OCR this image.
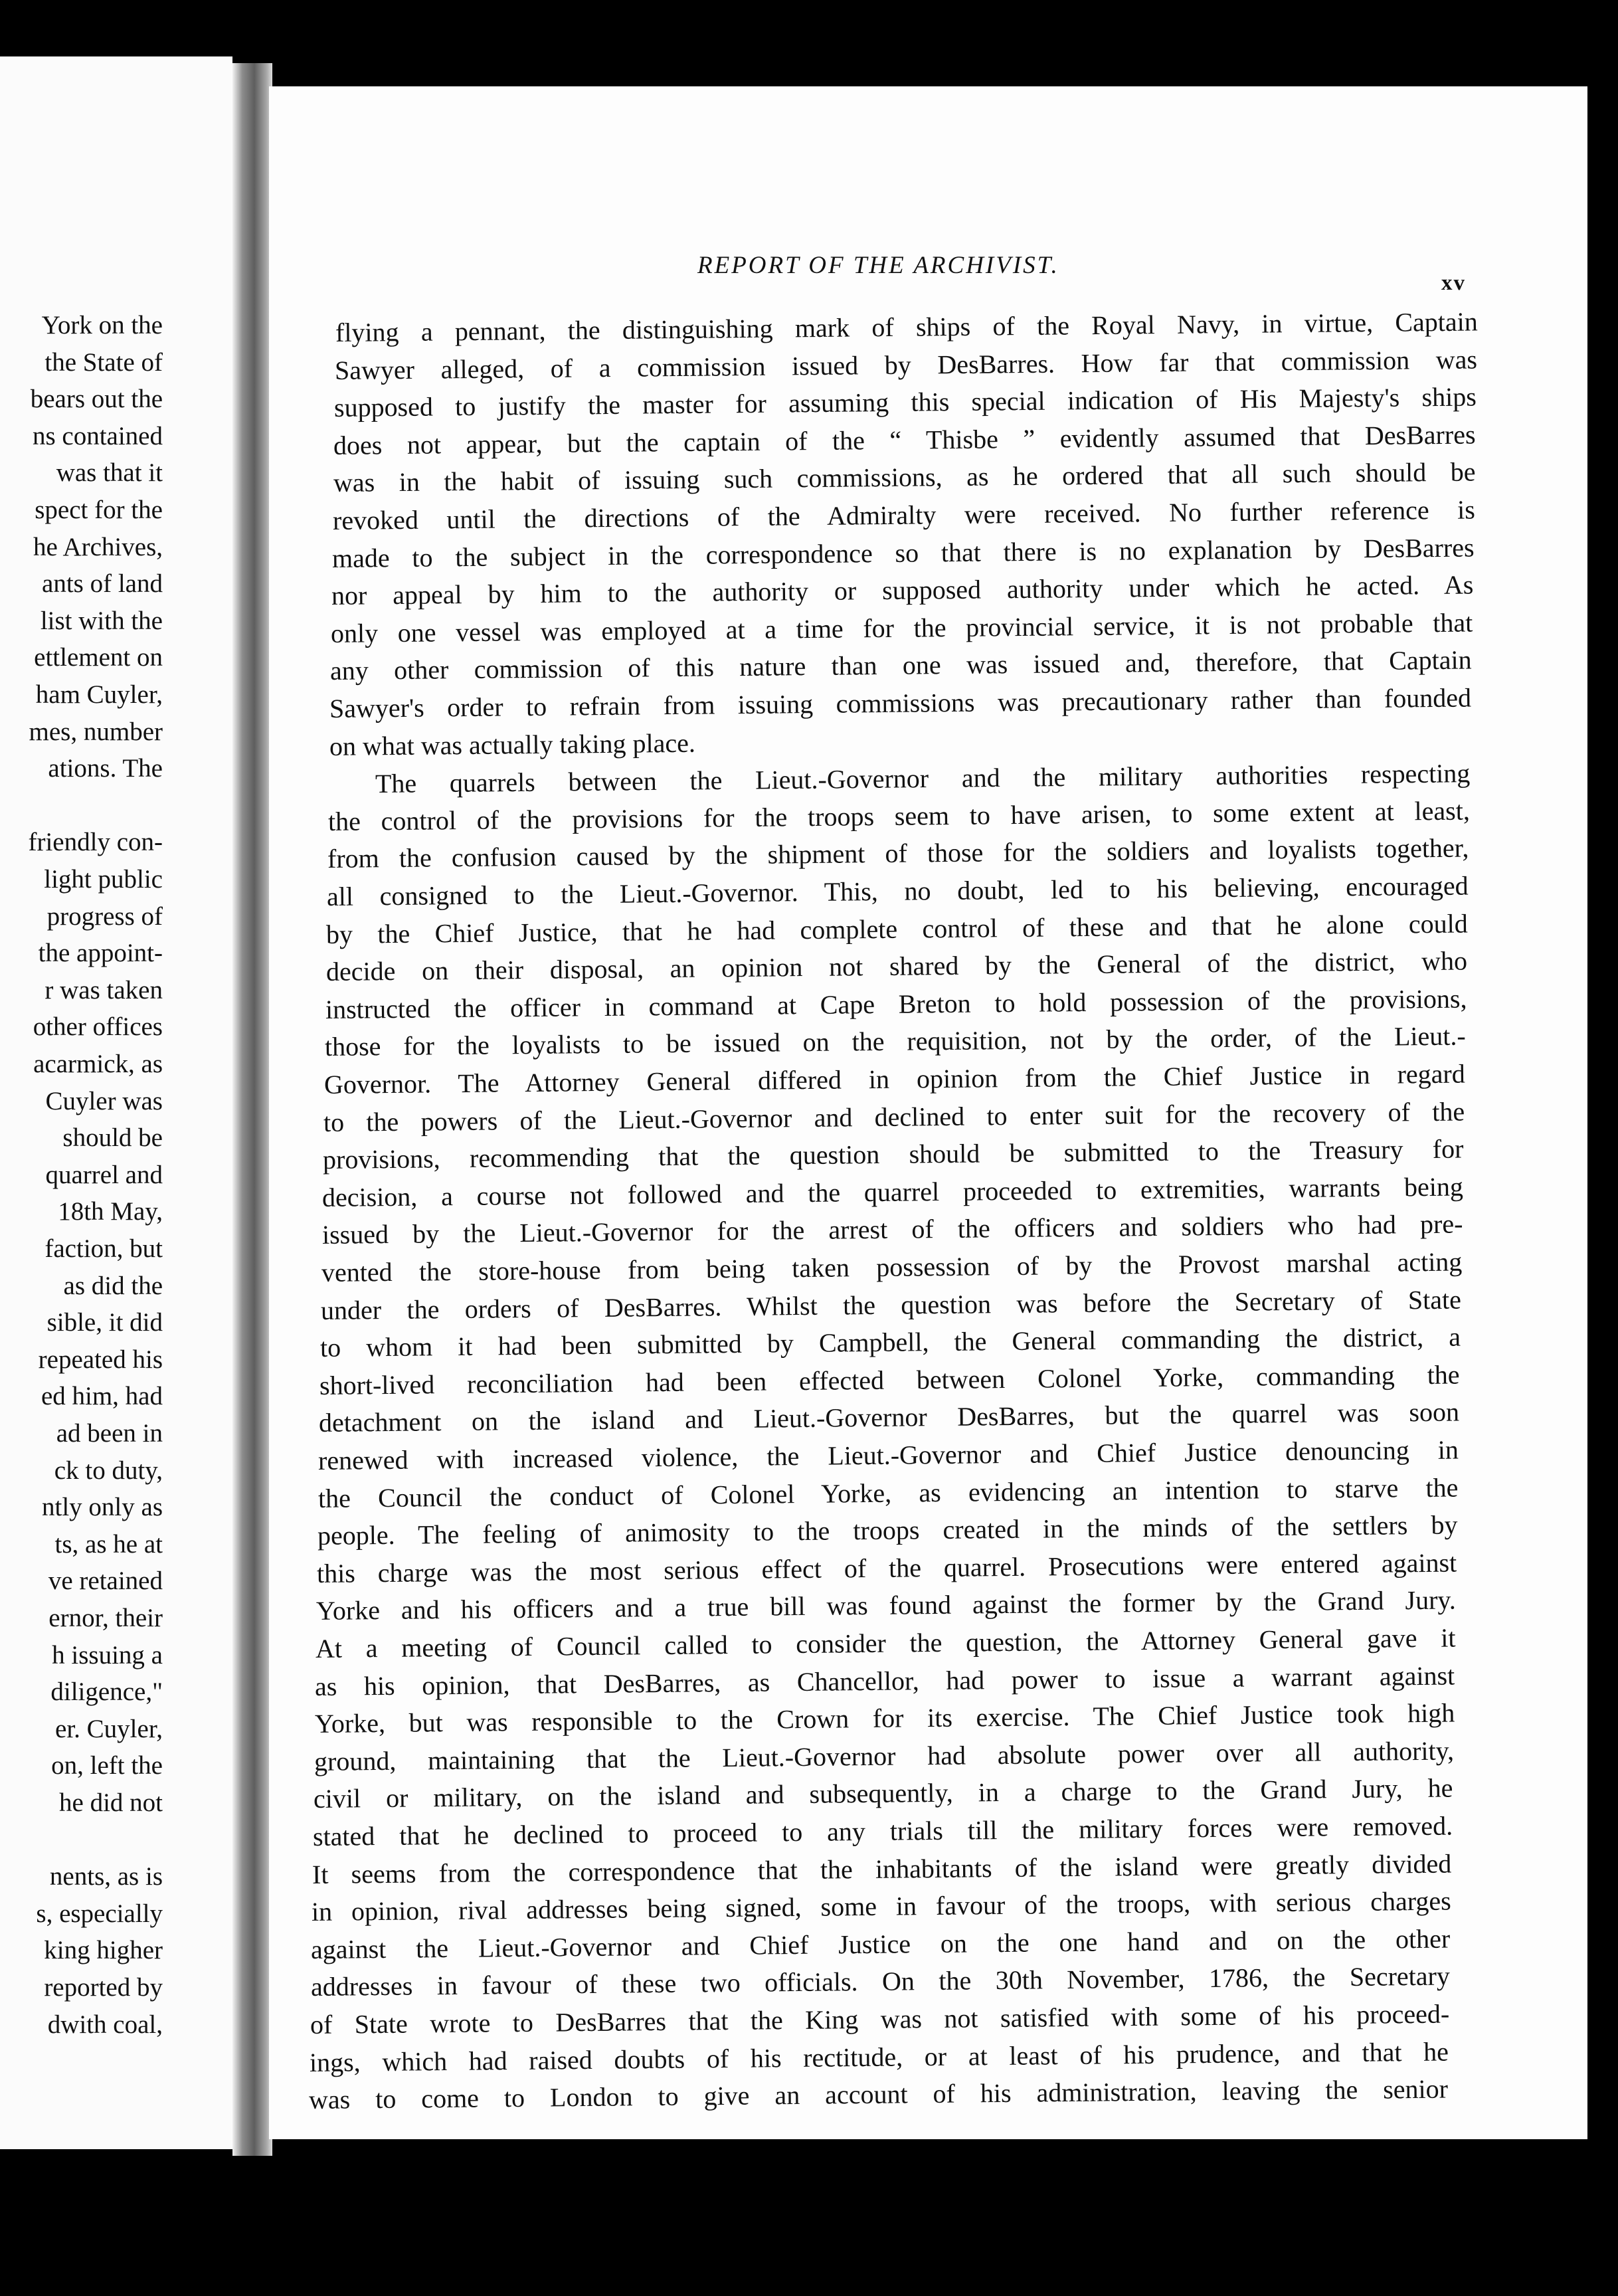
York on the
the State of
bears out the
ns contained
was that it
spect for the
he Archives,
ants of land
list with the
ettlement on
ham Cuyler,
mes, number
ations. The
friendly con-
light public
progress of
the appoint-
r was taken
other offices
acarmick, as
Cuyler was
should be
quarrel and
18th May,
faction, but
as did the
sible, it did
repeated his
ed him, had
ad been in
ck to duty,
ntly only as
ts, as he at
ve retained
ernor, their
h issuing a
diligence,"
er. Cuyler,
on, left the
he did not
nents, as is
s, especially
king higher
reported by
dwith coal,
REPORT OF THE ARCHIVIST.
xv
flying a pennant, the distinguishing mark of ships of the Royal Navy, in virtue, Captain
Sawyer alleged, of a commission issued by DesBarres. How far that commission was
supposed to justify the master for assuming this special indication of His Majesty's ships
does not appear, but the captain of the “ Thisbe ” evidently assumed that DesBarres
was in the habit of issuing such commissions, as he ordered that all such should be
revoked until the directions of the Admiralty were received. No further reference is
made to the subject in the correspondence so that there is no explanation by DesBarres
nor appeal by him to the authority or supposed authority under which he acted. As
only one vessel was employed at a time for the provincial service, it is not probable that
any other commission of this nature than one was issued and, therefore, that Captain
Sawyer's order to refrain from issuing commissions was precautionary rather than founded
on what was actually taking place.
The quarrels between the Lieut.-Governor and the military authorities respecting
the control of the provisions for the troops seem to have arisen, to some extent at least,
from the confusion caused by the shipment of those for the soldiers and loyalists together,
all consigned to the Lieut.-Governor. This, no doubt, led to his believing, encouraged
by the Chief Justice, that he had complete control of these and that he alone could
decide on their disposal, an opinion not shared by the General of the district, who
instructed the officer in command at Cape Breton to hold possession of the provisions,
those for the loyalists to be issued on the requisition, not by the order, of the Lieut.-
Governor. The Attorney General differed in opinion from the Chief Justice in regard
to the powers of the Lieut.-Governor and declined to enter suit for the recovery of the
provisions, recommending that the question should be submitted to the Treasury for
decision, a course not followed and the quarrel proceeded to extremities, warrants being
issued by the Lieut.-Governor for the arrest of the officers and soldiers who had pre-
vented the store-house from being taken possession of by the Provost marshal acting
under the orders of DesBarres. Whilst the question was before the Secretary of State
to whom it had been submitted by Campbell, the General commanding the district, a
short-lived reconciliation had been effected between Colonel Yorke, commanding the
detachment on the island and Lieut.-Governor DesBarres, but the quarrel was soon
renewed with increased violence, the Lieut.-Governor and Chief Justice denouncing in
the Council the conduct of Colonel Yorke, as evidencing an intention to starve the
people. The feeling of animosity to the troops created in the minds of the settlers by
this charge was the most serious effect of the quarrel. Prosecutions were entered against
Yorke and his officers and a true bill was found against the former by the Grand Jury.
At a meeting of Council called to consider the question, the Attorney General gave it
as his opinion, that DesBarres, as Chancellor, had power to issue a warrant against
Yorke, but was responsible to the Crown for its exercise. The Chief Justice took high
ground, maintaining that the Lieut.-Governor had absolute power over all authority,
civil or military, on the island and subsequently, in a charge to the Grand Jury, he
stated that he declined to proceed to any trials till the military forces were removed.
It seems from the correspondence that the inhabitants of the island were greatly divided
in opinion, rival addresses being signed, some in favour of the troops, with serious charges
against the Lieut.-Governor and Chief Justice on the one hand and on the other
addresses in favour of these two officials. On the 30th November, 1786, the Secretary
of State wrote to DesBarres that the King was not satisfied with some of his proceed-
ings, which had raised doubts of his rectitude, or at least of his prudence, and that he
was to come to London to give an account of his administration, leaving the senior
